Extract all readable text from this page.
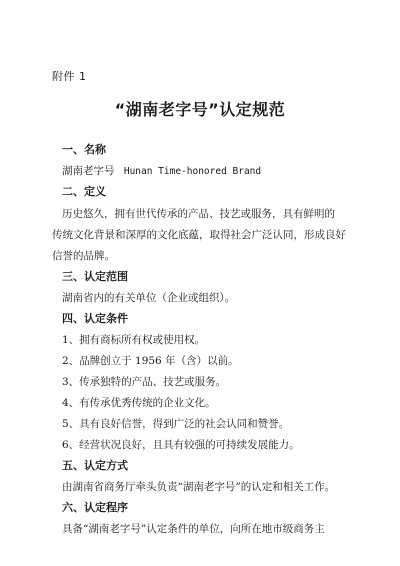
附件 1
“湖南老字号”认定规范
一、名称
湖南老字号 Hunan Time-honored Brand
二、定义
历史悠久，拥有世代传承的产品、技艺或服务，具有鲜明的
传统文化背景和深厚的文化底蕴，取得社会广泛认同，形成良好
信誉的品牌。
三、认定范围
湖南省内的有关单位（企业或组织）。
四、认定条件
1、拥有商标所有权或使用权。
2、品牌创立于 1956 年（含）以前。
3、传承独特的产品、技艺或服务。
4、有传承优秀传统的企业文化。
5、具有良好信誉，得到广泛的社会认同和赞誉。
6、经营状况良好，且具有较强的可持续发展能力。
五、认定方式
由湖南省商务厅牵头负责“湖南老字号”的认定和相关工作。
六、认定程序
具备“湖南老字号”认定条件的单位，向所在地市级商务主
